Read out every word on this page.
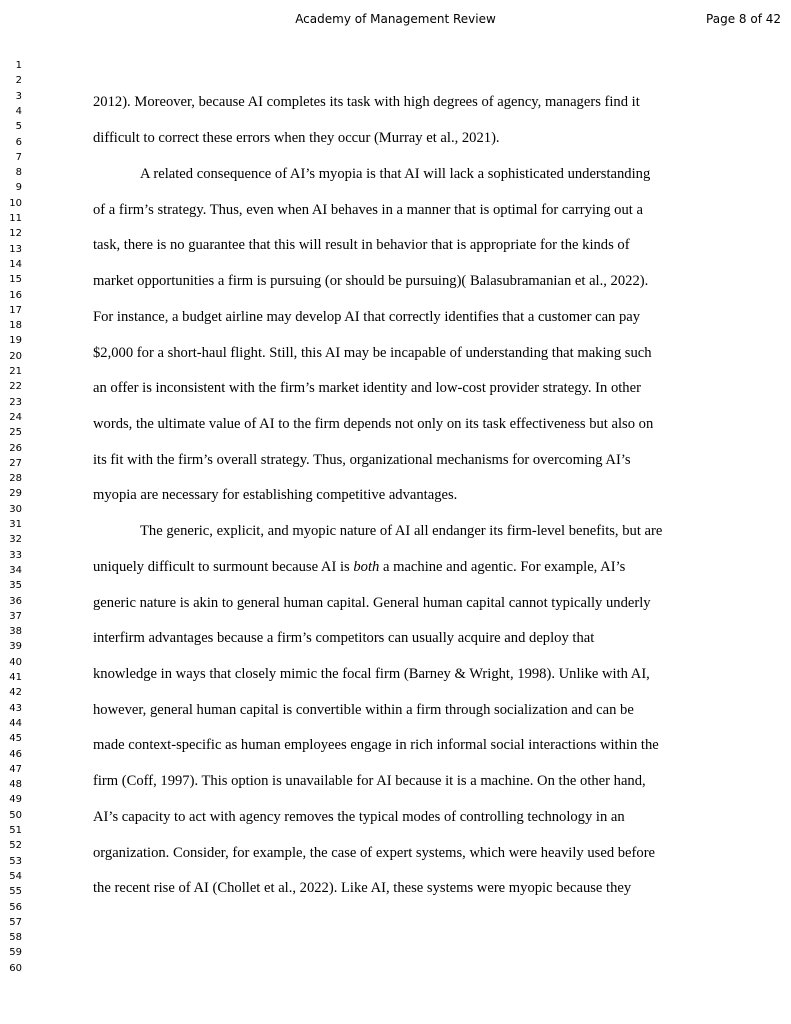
Academy of Management Review	Page 8 of 42
1
2
3
4
5
6
7
8
9
10
11
12
13
14
15
16
17
18
19
20
21
22
23
24
25
26
27
28
29
30
31
32
33
34
35
36
37
38
39
40
41
42
43
44
45
46
47
48
49
50
51
52
53
54
55
56
57
58
59
60
2012). Moreover, because AI completes its task with high degrees of agency, managers find it
difficult to correct these errors when they occur (Murray et al., 2021).
A related consequence of AI’s myopia is that AI will lack a sophisticated understanding
of a firm’s strategy. Thus, even when AI behaves in a manner that is optimal for carrying out a
task, there is no guarantee that this will result in behavior that is appropriate for the kinds of
market opportunities a firm is pursuing (or should be pursuing)( Balasubramanian et al., 2022).
For instance, a budget airline may develop AI that correctly identifies that a customer can pay
$2,000 for a short-haul flight. Still, this AI may be incapable of understanding that making such
an offer is inconsistent with the firm’s market identity and low-cost provider strategy. In other
words, the ultimate value of AI to the firm depends not only on its task effectiveness but also on
its fit with the firm’s overall strategy. Thus, organizational mechanisms for overcoming AI’s
myopia are necessary for establishing competitive advantages.
The generic, explicit, and myopic nature of AI all endanger its firm-level benefits, but are
uniquely difficult to surmount because AI is both a machine and agentic. For example, AI’s
generic nature is akin to general human capital. General human capital cannot typically underly
interfirm advantages because a firm’s competitors can usually acquire and deploy that
knowledge in ways that closely mimic the focal firm (Barney & Wright, 1998). Unlike with AI,
however, general human capital is convertible within a firm through socialization and can be
made context-specific as human employees engage in rich informal social interactions within the
firm (Coff, 1997). This option is unavailable for AI because it is a machine. On the other hand,
AI’s capacity to act with agency removes the typical modes of controlling technology in an
organization. Consider, for example, the case of expert systems, which were heavily used before
the recent rise of AI (Chollet et al., 2022). Like AI, these systems were myopic because they
